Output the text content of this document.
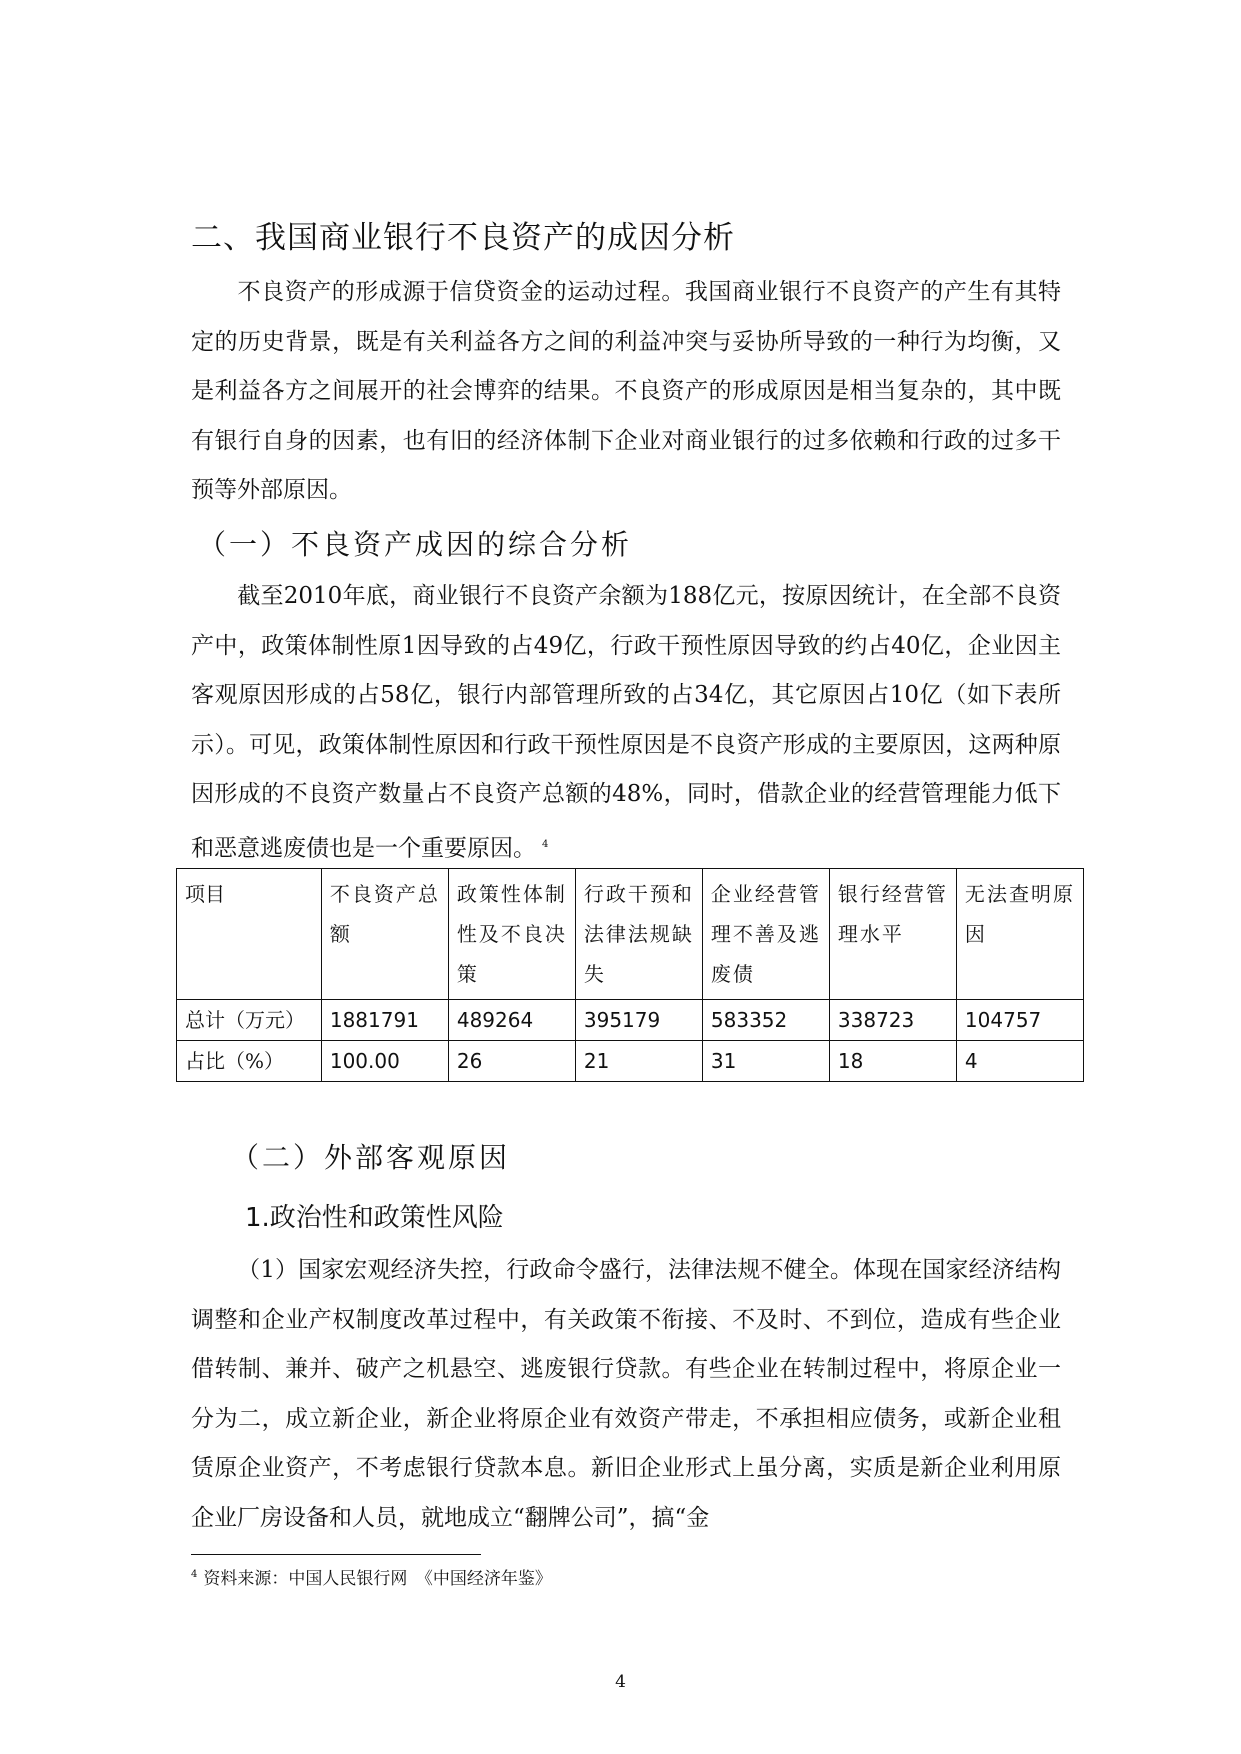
二、我国商业银行不良资产的成因分析
不良资产的形成源于信贷资金的运动过程。我国商业银行不良资产的产生有其特定的历史背景，既是有关利益各方之间的利益冲突与妥协所导致的一种行为均衡，又是利益各方之间展开的社会博弈的结果。不良资产的形成原因是相当复杂的，其中既有银行自身的因素，也有旧的经济体制下企业对商业银行的过多依赖和行政的过多干预等外部原因。
（一）不良资产成因的综合分析
截至2010年底，商业银行不良资产余额为188亿元，按原因统计，在全部不良资产中，政策体制性原1因导致的占49亿，行政干预性原因导致的约占40亿，企业因主客观原因形成的占58亿，银行内部管理所致的占34亿，其它原因占10亿（如下表所示）。可见，政策体制性原因和行政干预性原因是不良资产形成的主要原因，这两种原因形成的不良资产数量占不良资产总额的48%，同时，借款企业的经营管理能力低下和恶意逃废债也是一个重要原因。 $^4$
项目	不良资产总额	政策性体制性及不良决策	行政干预和法律法规缺失	企业经营管理不善及逃废债	银行经营管理水平	无法查明原因
总计（万元）	1881791	489264	395179	583352	338723	104757
占比（%）	100.00	26	21	31	18	4
（二）外部客观原因
1.政治性和政策性风险
（1）国家宏观经济失控，行政命令盛行，法律法规不健全。体现在国家经济结构调整和企业产权制度改革过程中，有关政策不衔接、不及时、不到位，造成有些企业借转制、兼并、破产之机悬空、逃废银行贷款。有些企业在转制过程中，将原企业一分为二，成立新企业，新企业将原企业有效资产带走，不承担相应债务，或新企业租赁原企业资产，不考虑银行贷款本息。新旧企业形式上虽分离，实质是新企业利用原企业厂房设备和人员，就地成立“翻牌公司”，搞“金
$^4$ 资料来源：中国人民银行网　《中国经济年鉴》
4
